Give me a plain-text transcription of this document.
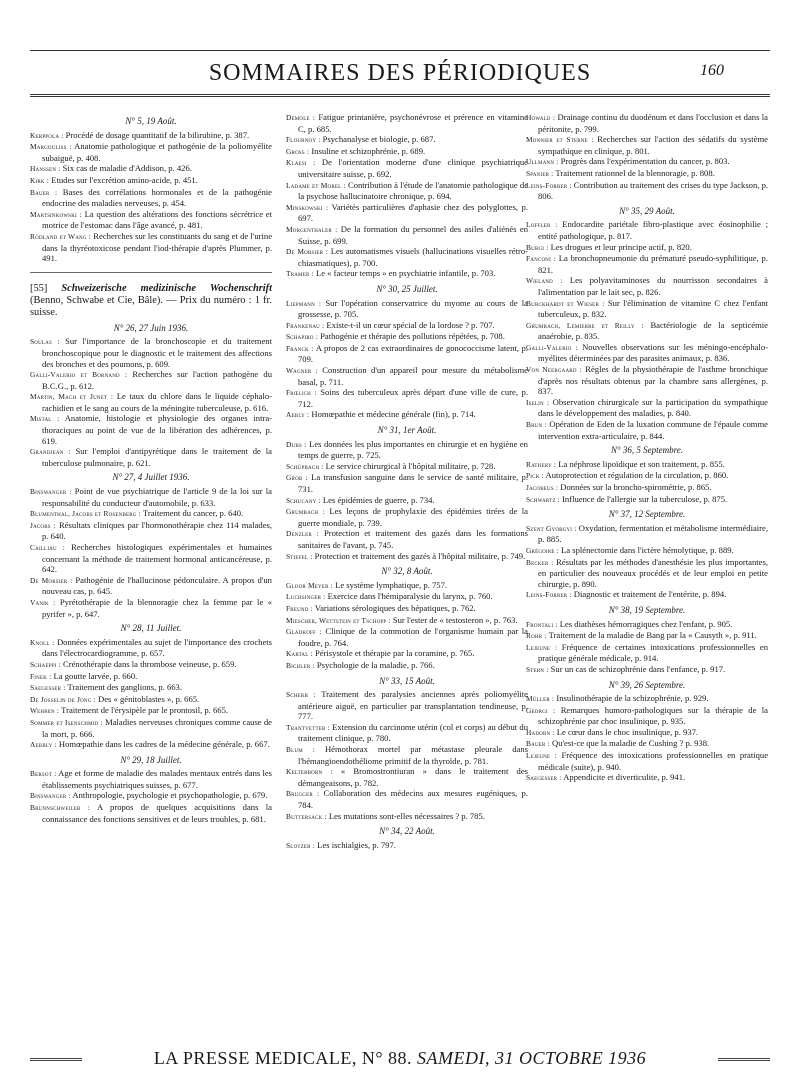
SOMMAIRES DES PÉRIODIQUES	160
N° 5, 19 Août.

Kerppola : Procédé de dosage quantitatif de la bilirubine, p. 387.

Margouliss : Anatomie pathologique et pathogénie de la poliomyélite subaiguë, p. 408.

Hanssen : Six cas de maladie d'Addison, p. 426.

Kirk : Etudes sur l'excrétion amino-acide, p. 451.

Bauer : Bases des corrélations hormonales et de la pathogénie endocrine des maladies nerveuses, p. 454.

Martsinkowski : La question des altérations des fonctions sécrétrice et motrice de l'estomac dans l'âge avancé, p. 481.

Rödland et Wang : Recherches sur les constituants du sang et de l'urine dans la thyréotoxicose pendant l'iod-thérapie d'après Plummer, p. 491.

[55] Schweizerische medizinische Wochenschrift (Benno, Schwabe et Cie, Bâle). — Prix du numéro : 1 fr. suisse.

N° 26, 27 Juin 1936.

Soulas : Sur l'importance de la bronchoscopie et du traitement bronchoscopique pour le diagnostic et le traitement des affections des bronches et des poumons, p. 609.

Galli-Valerio et Bornand : Recherches sur l'action pathogène du B.C.G., p. 612.

Martin, Mach et Junet : Le taux du chlore dans le liquide céphalo-rachidien et le sang au cours de la méningite tuberculeuse, p. 616.

Mistal : Anatomie, histologie et physiologie des organes intra-thoraciques au point de vue de la libération des adhérences, p. 619.

Grandjean : Sur l'emploi d'antipyrétique dans le traitement de la tuberculose pulmonaire, p. 621.

N° 27, 4 Juillet 1936.

Binswanger : Point de vue psychiatrique de l'article 9 de la loi sur la responsabilité du conducteur d'automobile, p. 633.

Blumenthal, Jacobs et Rosenberg : Traitement du cancer, p. 640.

Jacobs : Résultats cliniques par l'hormonothérapie chez 114 malades, p. 640.

Cailliau : Recherches histologiques expérimentales et humaines concernant la méthode de traitement hormonal anticancéreuse, p. 642.

De Morsier : Pathogénie de l'hallucinose pédonculaire. A propos d'un nouveau cas, p. 645.

Vanik : Pyrétothérapie de la blennoragie chez la femme par le « pyrifer », p. 647.

N° 28, 11 Juillet.

Knoll : Données expérimentales au sujet de l'importance des crochets dans l'électrocardiogramme, p. 657.

Schaeppi : Crénothérapie dans la thrombose veineuse, p. 659.

Finek : La goutte larvée, p. 660.

Saegesser : Traitement des ganglions, p. 663.

De Josselin de Jong : Des « génitoblastes », p. 665.

Wehren : Traitement de l'érysipèle par le prontosil, p. 665.

Sommer et Isenschmid : Maladies nerveuses chroniques comme cause de la mort, p. 666.

Aebbly : Homœpathie dans les cadres de la médecine générale, p. 667.

N° 29, 18 Juillet.

Bersot : Age et forme de maladie des malades mentaux entrés dans les établissements psychiatriques suisses, p. 677.

Binswanger : Anthropologie, psychologie et psychopathologie, p. 679.

Brunnschweiler : A propos de quelques acquisitions dans la connaissance des fonctions sensitives et de leurs troubles, p. 681.

Demole : Fatigue printanière, psychonévrose et prérence en vitamine C, p. 685.

Flournoy : Psychanalyse et biologie, p. 687.

Gross : Insuline et schizophrénie, p. 689.

Klaesi : De l'orientation moderne d'une clinique psychiatrique universitaire suisse, p. 692.

Ladame et Morel : Contribution à l'étude de l'anatomie pathologique de la psychose hallucinatoire chronique, p. 694.

Minskowski : Variétés particulières d'aphasie chez des polyglottes, p. 697.

Morgenthaler : De la formation du personnel des asiles d'aliénés en Suisse, p. 699.

De Morsier : Les automatismes visuels (hallucinations visuelles rétro-chiasmatiques), p. 700.

Tramer : Le « facteur temps » en psychiatrie infantile, p. 703.

N° 30, 25 Juillet.

Liepmann : Sur l'opération conservatrice du myome au cours de la grossesse, p. 705.

Frankenau : Existe-t-il un cœur spécial de la lordose ? p. 707.

Schapiro : Pathogénie et thérapie des pollutions répétées, p. 708.

Franck : A propos de 2 cas extraordinaires de gonococcisme latent, p. 709.

Wagner : Construction d'un appareil pour mesure du métabolisme basal, p. 711.

Frœlich : Soins des tuberculeux après départ d'une ville de cure, p. 712.

Aebly : Homœpathie et médecine générale (fin), p. 714.

N° 31, 1er Août.

Dubs : Les données les plus importantes en chirurgie et en hygiène en temps de guerre, p. 725.

Schüpbach : Le service chirurgical à l'hôpital militaire, p. 728.

Grob : La transfusion sanguine dans le service de santé militaire, p. 731.

Schucany : Les épidémies de guerre, p. 734.

Grumbach : Les leçons de prophylaxie des épidémies tirées de la guerre mondiale, p. 739.

Denzler : Protection et traitement des gazés dans les formations sanitaires de l'avant, p. 745.

Stiefel : Protection et traitement des gazés à l'hôpital militaire, p. 749.

N° 32, 8 Août.

Gloor Meyer : Le système lymphatique, p. 757.

Luchsinger : Exercice dans l'hémiparalysie du larynx, p. 760.

Freund : Variations sérologiques des hépatiques, p. 762.

Miescher, Wettstein et Tschopp : Sur l'ester de « testosteron », p. 763.

Gladkoff : Clinique de la commotion de l'organisme humain par la foudre, p. 764.

Kartal : Périsystole et thérapie par la coramine, p. 765.

Bichler : Psychologie de la maladie, p. 766.

N° 33, 15 Août.

Scherb : Traitement des paralysies anciennes après poliomyélite antérieure aiguë, en particulier par transplantation tendineuse, p. 777.

Trantvetter : Extension du carcinome utérin (col et corps) au début du traitement clinique, p. 780.

Blum : Hémothorax mortel par métastase pleurale dans l'hémangioendothéliome primitif de la thyroïde, p. 781.

Kelterborn : « Bromostrontiuran » dans le traitement des démangeaisons, p. 782.

Brugger : Collaboration des médecins aux mesures eugéniques, p. 784.

Buttersack : Les mutations sont-elles nécessaires ? p. 785.

N° 34, 22 Août.

Slotzer : Les ischialgies, p. 797.

Howald : Drainage continu du duodénum et dans l'occlusion et dans la péritonite, p. 799.

Monnier et Sterne : Recherches sur l'action des sédatifs du système sympathique en clinique, p. 801.

Ullmann : Progrès dans l'expérimentation du cancer, p. 803.

Spanier : Traitement rationnel de la blennoragie, p. 808.

Leins-Forrer : Contribution au traitement des crises du type Jackson, p. 806.

N° 35, 29 Août.

Loffler : Endocardite pariétale fibro-plastique avec éosinophilie ; entité pathologique, p. 817.

Burgi : Les drogues et leur principe actif, p. 820.

Fanconi : La bronchopneumonie du prématuré pseudo-syphilitique, p. 821.

Wieland : Les polyavitaminoses du nourrisson secondaires à l'alimentation par le lait sec, p. 826.

Burckhardt et Wieser : Sur l'élimination de vitamine C chez l'enfant tuberculeux, p. 832.

Grumbach, Lemierre et Reilly : Bactériologie de la septicémie anaérobie, p. 835.

Galli-Valerio : Nouvelles observations sur les méningo-encéphalo-myélites déterminées par des parasites animaux, p. 836.

Von Neergaard : Règles de la physiothérapie de l'asthme bronchique d'après nos résultats obtenus par la chambre sans allergènes, p. 837.

Iselin : Observation chirurgicale sur la participation du sympathique dans le développement des maladies, p. 840.

Brun : Opération de Eden de la luxation commune de l'épaule comme intervention extra-articulaire, p. 844.

N° 36, 5 Septembre.

Rathery : La néphrose lipoïdique et son traitement, p. 855.

Pick : Autoprotection et régulation de la circulation, p. 860.

Jacobeus : Données sur la broncho-spirométrie, p. 865.

Schwartz : Influence de l'allergie sur la tuberculose, p. 875.

N° 37, 12 Septembre.

Szent Gyorgyi : Oxydation, fermentation et métabolisme intermédiaire, p. 885.

Grégoire : La splénectomie dans l'ictère hémolytique, p. 889.

Becker : Résultats par les méthodes d'anesthésie les plus importantes, en particulier des nouveaux procédés et de leur emploi en petite chirurgie, p. 890.

Leins-Forrer : Diagnostic et traitement de l'entérite, p. 894.

N° 38, 19 Septembre.

Frontali : Les diathèses hémorragiques chez l'enfant, p. 905.

Rohr : Traitement de la maladie de Bang par la « Causyth », p. 911.

Lejeune : Fréquence de certaines intoxications professionnelles en pratique générale médicale, p. 914.

Stern : Sur un cas de schizophrénie dans l'enfance, p. 917.

N° 39, 26 Septembre.

Müller : Insulinothérapie de la schizophrénie, p. 929.

Georgi : Remarques humoro-pathologiques sur la thérapie de la schizophrénie par choc insulinique, p. 935.

Hadorn : Le cœur dans le choc insulinique, p. 937.

Bauer : Qu'est-ce que la maladie de Cushing ? p. 938.

Lejeune : Fréquence des intoxications professionnelles en pratique médicale (suite), p. 940.

Saegesser : Appendicite et diverticulite, p. 941.

LA PRESSE MEDICALE, N° 88. SAMEDI, 31 OCTOBRE 1936
